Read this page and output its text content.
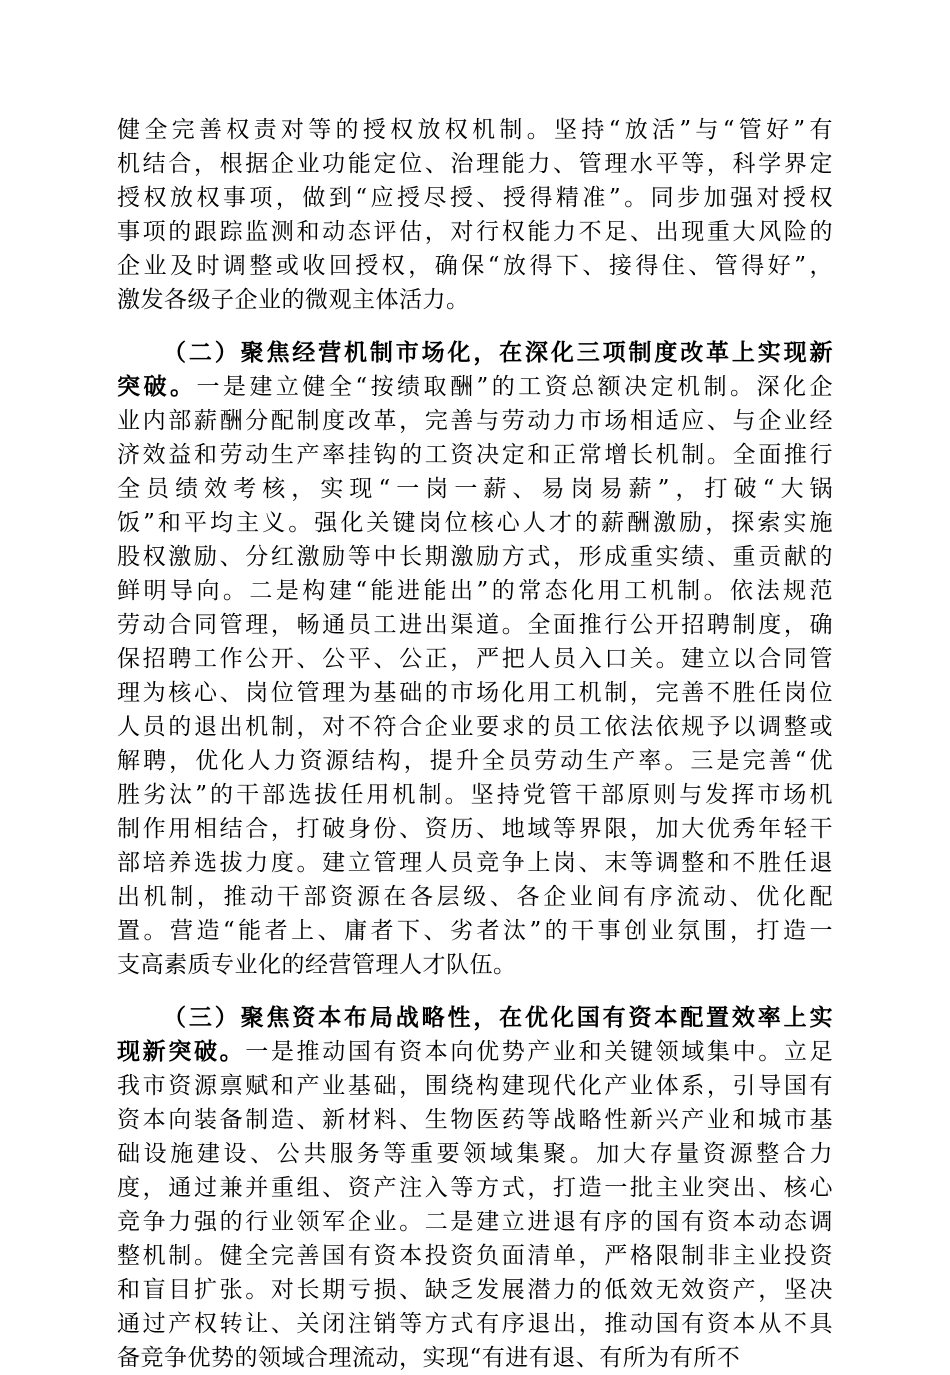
健全完善权责对等的授权放权机制。坚持“放活”与“管好”有
机结合，根据企业功能定位、治理能力、管理水平等，科学界定
授权放权事项，做到“应授尽授、授得精准”。同步加强对授权
事项的跟踪监测和动态评估，对行权能力不足、出现重大风险的
企业及时调整或收回授权，确保“放得下、接得住、管得好”，
激发各级子企业的微观主体活力。
（二）聚焦经营机制市场化，在深化三项制度改革上实现新
突破。一是建立健全“按绩取酬”的工资总额决定机制。深化企
业内部薪酬分配制度改革，完善与劳动力市场相适应、与企业经
济效益和劳动生产率挂钩的工资决定和正常增长机制。全面推行
全员绩效考核，实现“一岗一薪、易岗易薪”，打破“大锅
饭”和平均主义。强化关键岗位核心人才的薪酬激励，探索实施
股权激励、分红激励等中长期激励方式，形成重实绩、重贡献的
鲜明导向。二是构建“能进能出”的常态化用工机制。依法规范
劳动合同管理，畅通员工进出渠道。全面推行公开招聘制度，确
保招聘工作公开、公平、公正，严把人员入口关。建立以合同管
理为核心、岗位管理为基础的市场化用工机制，完善不胜任岗位
人员的退出机制，对不符合企业要求的员工依法依规予以调整或
解聘，优化人力资源结构，提升全员劳动生产率。三是完善“优
胜劣汰”的干部选拔任用机制。坚持党管干部原则与发挥市场机
制作用相结合，打破身份、资历、地域等界限，加大优秀年轻干
部培养选拔力度。建立管理人员竞争上岗、末等调整和不胜任退
出机制，推动干部资源在各层级、各企业间有序流动、优化配
置。营造“能者上、庸者下、劣者汰”的干事创业氛围，打造一
支高素质专业化的经营管理人才队伍。
（三）聚焦资本布局战略性，在优化国有资本配置效率上实
现新突破。一是推动国有资本向优势产业和关键领域集中。立足
我市资源禀赋和产业基础，围绕构建现代化产业体系，引导国有
资本向装备制造、新材料、生物医药等战略性新兴产业和城市基
础设施建设、公共服务等重要领域集聚。加大存量资源整合力
度，通过兼并重组、资产注入等方式，打造一批主业突出、核心
竞争力强的行业领军企业。二是建立进退有序的国有资本动态调
整机制。健全完善国有资本投资负面清单，严格限制非主业投资
和盲目扩张。对长期亏损、缺乏发展潜力的低效无效资产，坚决
通过产权转让、关闭注销等方式有序退出，推动国有资本从不具
备竞争优势的领域合理流动，实现“有进有退、有所为有所不
